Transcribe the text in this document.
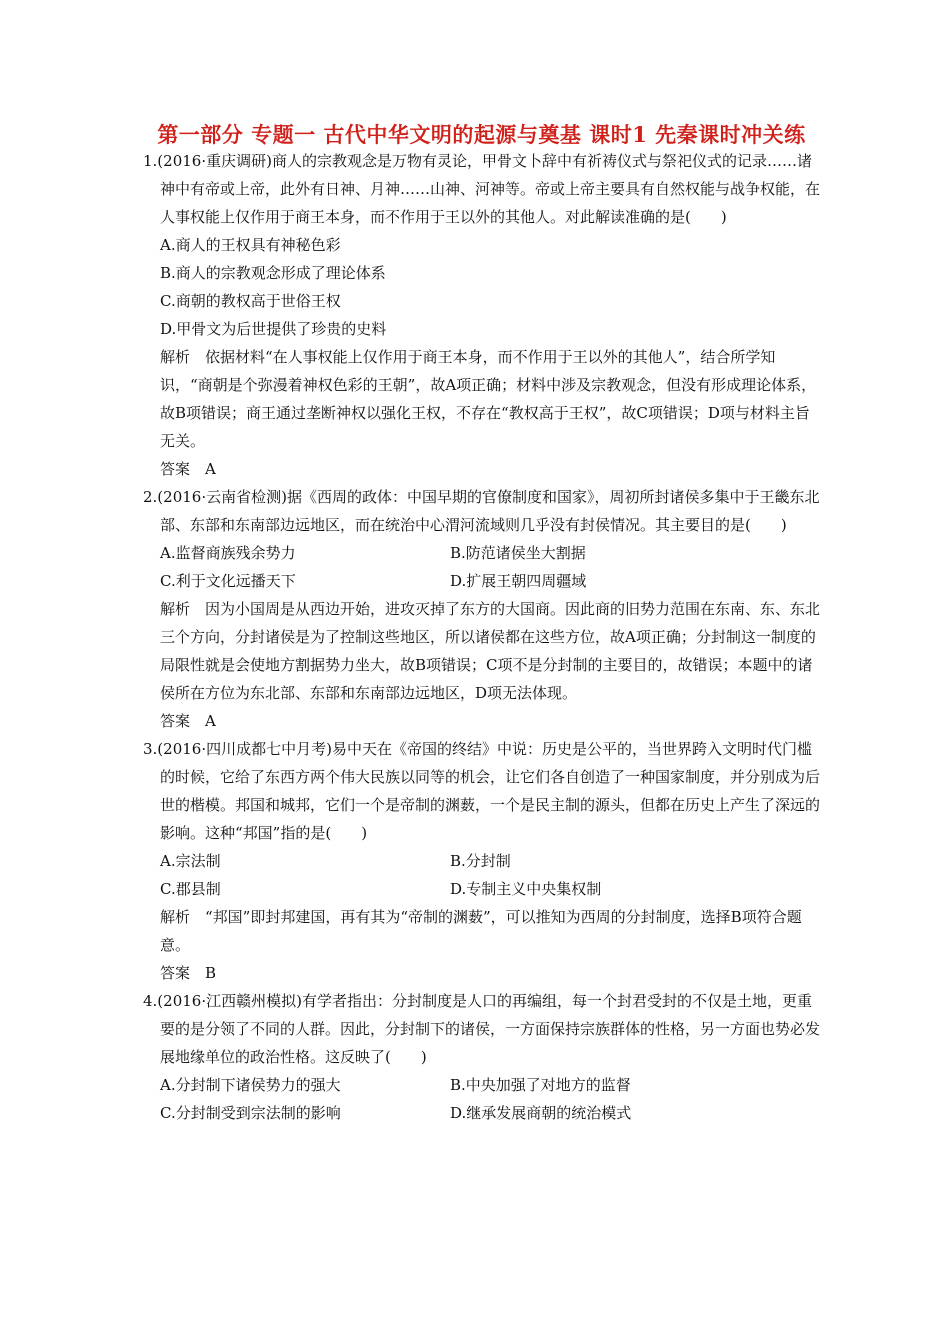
第一部分 专题一 古代中华文明的起源与奠基 课时1 先秦课时冲关练

1.(2016·重庆调研)商人的宗教观念是万物有灵论，甲骨文卜辞中有祈祷仪式与祭祀仪式的记录……诸神中有帝或上帝，此外有日神、月神……山神、河神等。帝或上帝主要具有自然权能与战争权能，在人事权能上仅作用于商王本身，而不作用于王以外的其他人。对此解读准确的是(　　)

A.商人的王权具有神秘色彩

B.商人的宗教观念形成了理论体系

C.商朝的教权高于世俗王权

D.甲骨文为后世提供了珍贵的史料

解析　依据材料“在人事权能上仅作用于商王本身，而不作用于王以外的其他人”，结合所学知识，“商朝是个弥漫着神权色彩的王朝”，故A项正确；材料中涉及宗教观念，但没有形成理论体系，故B项错误；商王通过垄断神权以强化王权，不存在“教权高于王权”，故C项错误；D项与材料主旨无关。

答案　A

2.(2016·云南省检测)据《西周的政体：中国早期的官僚制度和国家》，周初所封诸侯多集中于王畿东北部、东部和东南部边远地区，而在统治中心渭河流域则几乎没有封侯情况。其主要目的是(　　)

A.监督商族残余势力	B.防范诸侯坐大割据
C.利于文化远播天下	D.扩展王朝四周疆域

解析　因为小国周是从西边开始，进攻灭掉了东方的大国商。因此商的旧势力范围在东南、东、东北三个方向，分封诸侯是为了控制这些地区，所以诸侯都在这些方位，故A项正确；分封制这一制度的局限性就是会使地方割据势力坐大，故B项错误；C项不是分封制的主要目的，故错误；本题中的诸侯所在方位为东北部、东部和东南部边远地区，D项无法体现。

答案　A

3.(2016·四川成都七中月考)易中天在《帝国的终结》中说：历史是公平的，当世界跨入文明时代门槛的时候，它给了东西方两个伟大民族以同等的机会，让它们各自创造了一种国家制度，并分别成为后世的楷模。邦国和城邦，它们一个是帝制的渊薮，一个是民主制的源头，但都在历史上产生了深远的影响。这种“邦国”指的是(　　)

A.宗法制	B.分封制
C.郡县制	D.专制主义中央集权制

解析　“邦国”即封邦建国，再有其为“帝制的渊薮”，可以推知为西周的分封制度，选择B项符合题意。

答案　B

4.(2016·江西赣州模拟)有学者指出：分封制度是人口的再编组，每一个封君受封的不仅是土地，更重要的是分领了不同的人群。因此，分封制下的诸侯，一方面保持宗族群体的性格，另一方面也势必发展地缘单位的政治性格。这反映了(　　)

A.分封制下诸侯势力的强大	B.中央加强了对地方的监督
C.分封制受到宗法制的影响	D.继承发展商朝的统治模式
